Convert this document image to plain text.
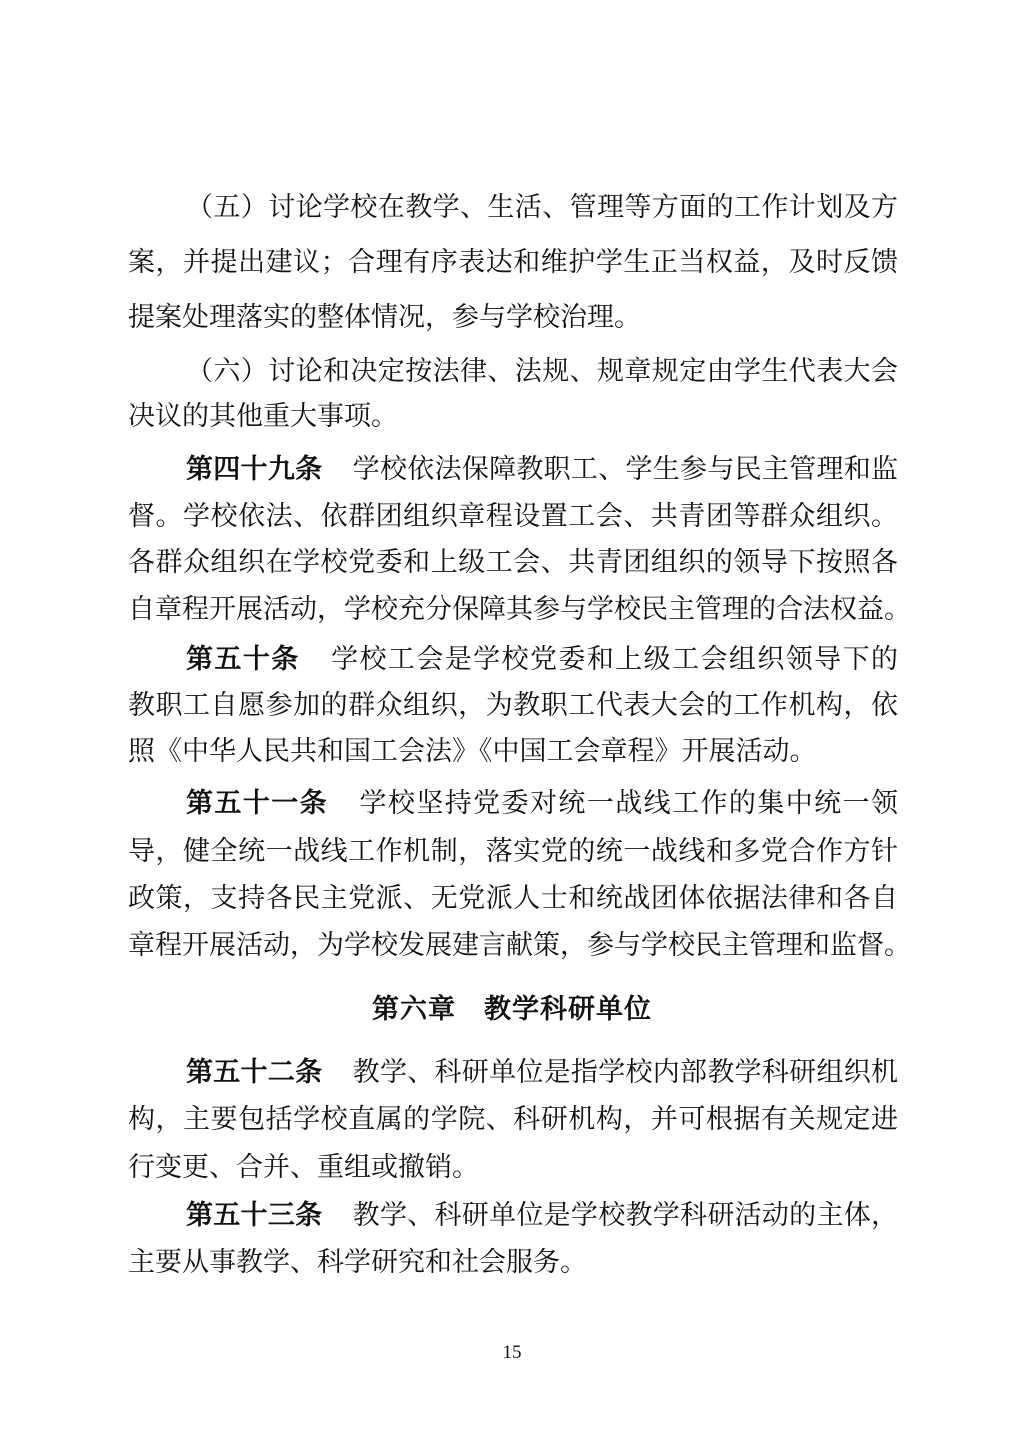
（五）讨论学校在教学、生活、管理等方面的工作计划及方
案，并提出建议；合理有序表达和维护学生正当权益，及时反馈
提案处理落实的整体情况，参与学校治理。
（六）讨论和决定按法律、法规、规章规定由学生代表大会
决议的其他重大事项。
第四十九条 学校依法保障教职工、学生参与民主管理和监
督。学校依法、依群团组织章程设置工会、共青团等群众组织。
各群众组织在学校党委和上级工会、共青团组织的领导下按照各
自章程开展活动，学校充分保障其参与学校民主管理的合法权益。
第五十条 学校工会是学校党委和上级工会组织领导下的
教职工自愿参加的群众组织，为教职工代表大会的工作机构，依
照《中华人民共和国工会法》《中国工会章程》开展活动。
第五十一条 学校坚持党委对统一战线工作的集中统一领
导，健全统一战线工作机制，落实党的统一战线和多党合作方针
政策，支持各民主党派、无党派人士和统战团体依据法律和各自
章程开展活动，为学校发展建言献策，参与学校民主管理和监督。
第六章 教学科研单位
第五十二条 教学、科研单位是指学校内部教学科研组织机
构，主要包括学校直属的学院、科研机构，并可根据有关规定进
行变更、合并、重组或撤销。
第五十三条 教学、科研单位是学校教学科研活动的主体，
主要从事教学、科学研究和社会服务。
15
